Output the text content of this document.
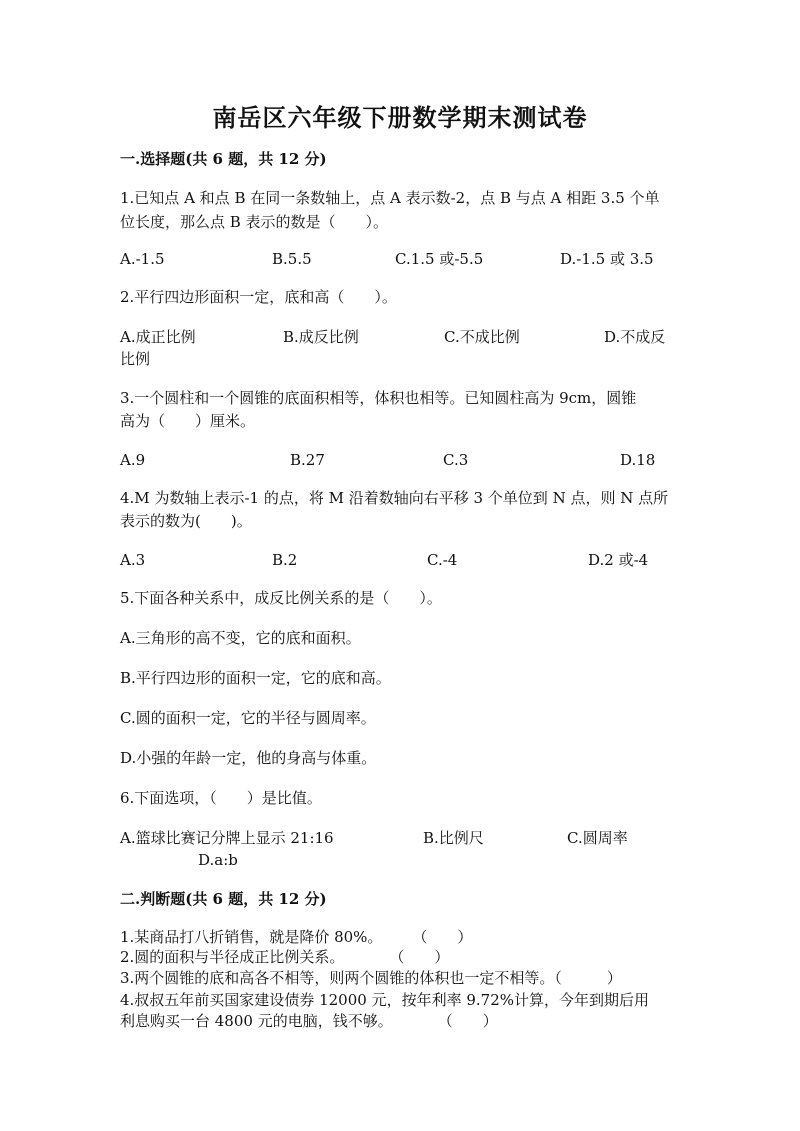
南岳区六年级下册数学期末测试卷
一.选择题(共 6 题，共 12 分)
1.已知点 A 和点 B 在同一条数轴上，点 A 表示数-2，点 B 与点 A 相距 3.5 个单
位长度，那么点 B 表示的数是（　　）。
A.-1.5	B.5.5	C.1.5 或-5.5	D.-1.5 或 3.5
2.平行四边形面积一定，底和高（　　）。
A.成正比例	B.成反比例	C.不成比例	D.不成反
比例
3.一个圆柱和一个圆锥的底面积相等，体积也相等。已知圆柱高为 9cm，圆锥
高为（　　）厘米。
A.9	B.27	C.3	D.18
4.M 为数轴上表示-1 的点，将 M 沿着数轴向右平移 3 个单位到 N 点，则 N 点所
表示的数为(　　)。
A.3	B.2	C.-4	D.2 或-4
5.下面各种关系中，成反比例关系的是（　　）。
A.三角形的高不变，它的底和面积。
B.平行四边形的面积一定，它的底和高。
C.圆的面积一定，它的半径与圆周率。
D.小强的年龄一定，他的身高与体重。
6.下面选项，（　　）是比值。
A.篮球比赛记分牌上显示 21:16	B.比例尺	C.圆周率
D.a:b
二.判断题(共 6 题，共 12 分)
1.某商品打八折销售，就是降价 80%。　　　（　　）
2.圆的面积与半径成正比例关系。　　　　（　　）
3.两个圆锥的底和高各不相等，则两个圆锥的体积也一定不相等。（　　　）
4.叔叔五年前买国家建设债券 12000 元，按年利率 9.72%计算，今年到期后用
利息购买一台 4800 元的电脑，钱不够。　　　　（　　）
